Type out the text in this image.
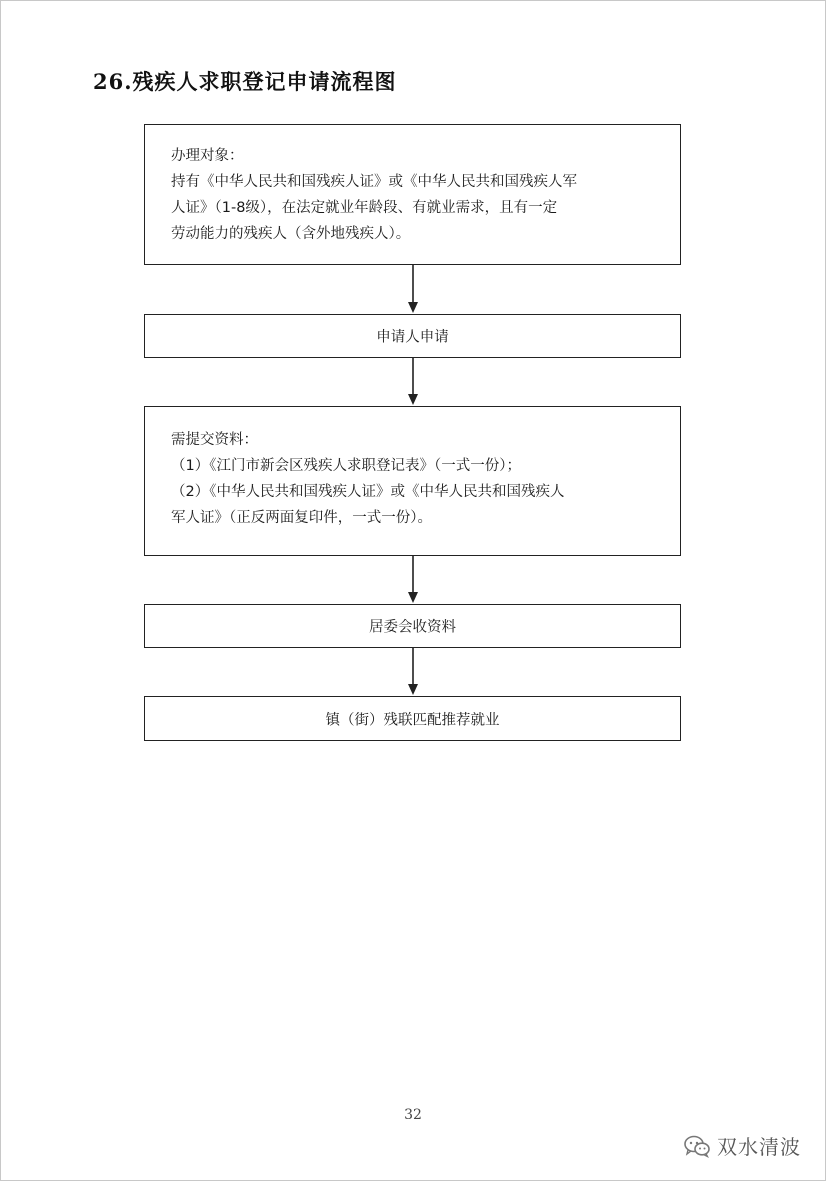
26.残疾人求职登记申请流程图
办理对象：
持有《中华人民共和国残疾人证》或《中华人民共和国残疾人军
人证》（1-8级），在法定就业年龄段、有就业需求，且有一定
劳动能力的残疾人（含外地残疾人）。
申请人申请
需提交资料：
（1）《江门市新会区残疾人求职登记表》（一式一份）；
（2）《中华人民共和国残疾人证》或《中华人民共和国残疾人
军人证》（正反两面复印件，一式一份）。
居委会收资料
镇（街）残联匹配推荐就业
32
双水清波
